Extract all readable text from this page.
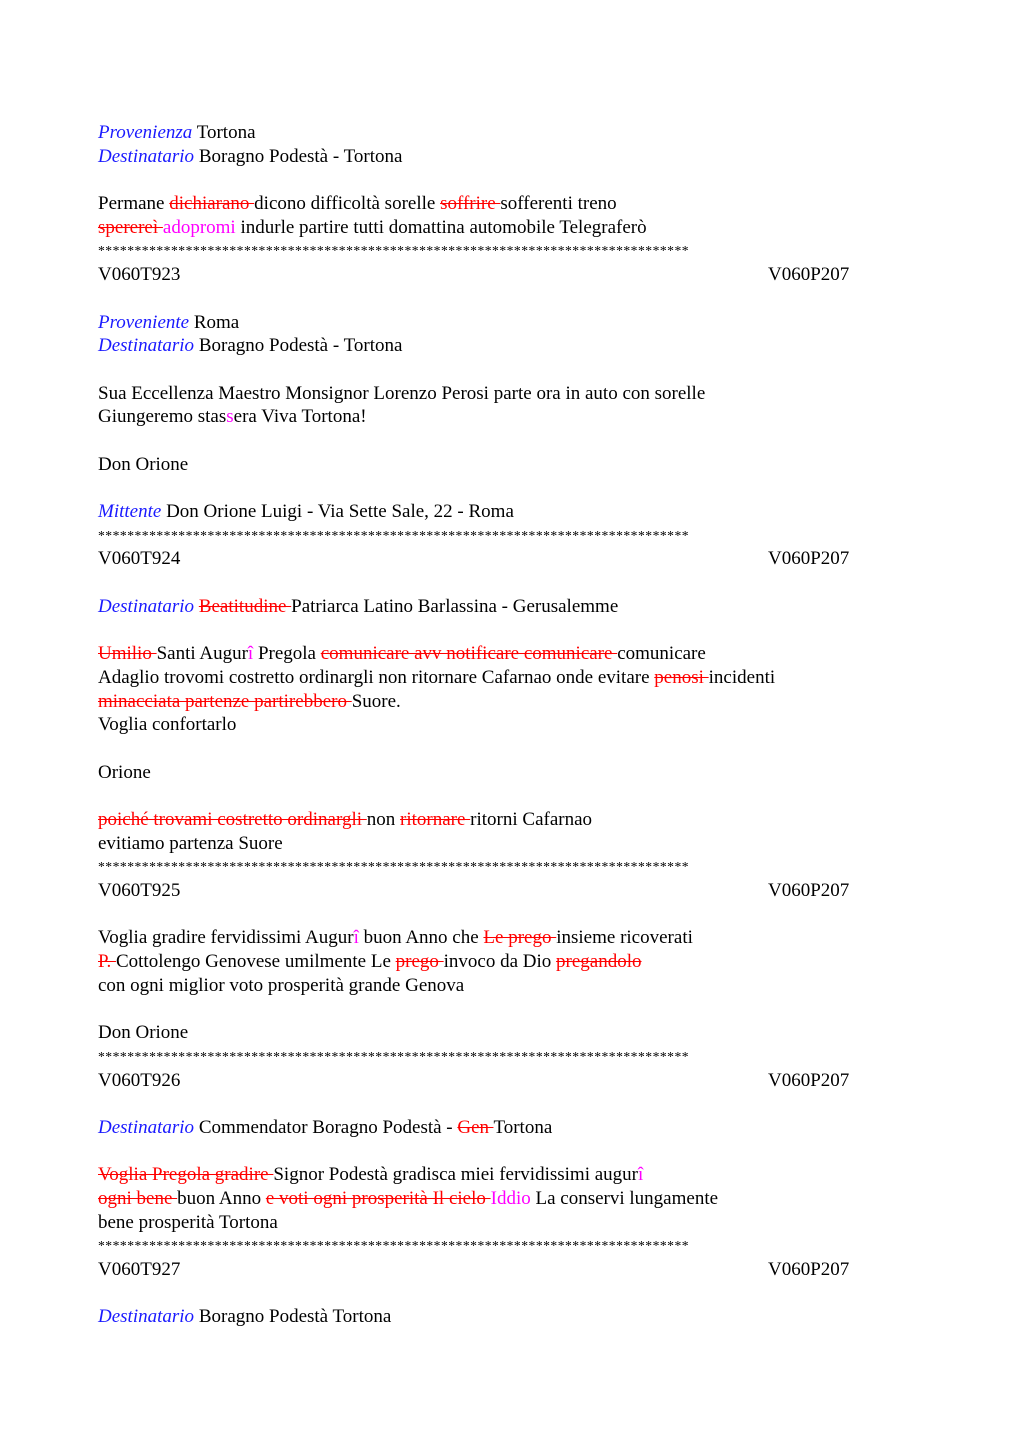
Provenienza Tortona
Destinatario Boragno Podestà - Tortona
Permane dichiarano dicono difficoltà sorelle soffrire sofferenti treno
sperereì adopromi indurle partire tutti domattina automobile Telegraferò
*********************************************************************************
V060T923	V060P207
Proveniente Roma
Destinatario Boragno Podestà - Tortona
Sua Eccellenza Maestro Monsignor Lorenzo Perosi parte ora in auto con sorelle
Giungeremo stassera Viva Tortona!
Don Orione
Mittente Don Orione Luigi - Via Sette Sale, 22 - Roma
*********************************************************************************
V060T924	V060P207
Destinatario Beatitudine Patriarca Latino Barlassina - Gerusalemme
Umilio Santi Augurî Pregola comunicare avv notificare comunicare comunicare
Adaglio trovomi costretto ordinargli non ritornare Cafarnao onde evitare penosi incidenti
minacciata partenze partirebbero Suore.
Voglia confortarlo
Orione
poiché trovami costretto ordinargli non ritornare ritorni Cafarnao
evitiamo partenza Suore
*********************************************************************************
V060T925	V060P207
Voglia gradire fervidissimi Augurî buon Anno che Le prego insieme ricoverati
P. Cottolengo Genovese umilmente Le prego invoco da Dio pregandolo
con ogni miglior voto prosperità grande Genova
Don Orione
*********************************************************************************
V060T926	V060P207
Destinatario Commendator Boragno Podestà - Gen Tortona
Voglia Pregola gradire Signor Podestà gradisca miei fervidissimi augurî
ogni bene buon Anno e voti ogni prosperità Il cielo Iddio La conservi lungamente
bene prosperità Tortona
*********************************************************************************
V060T927	V060P207
Destinatario Boragno Podestà Tortona
